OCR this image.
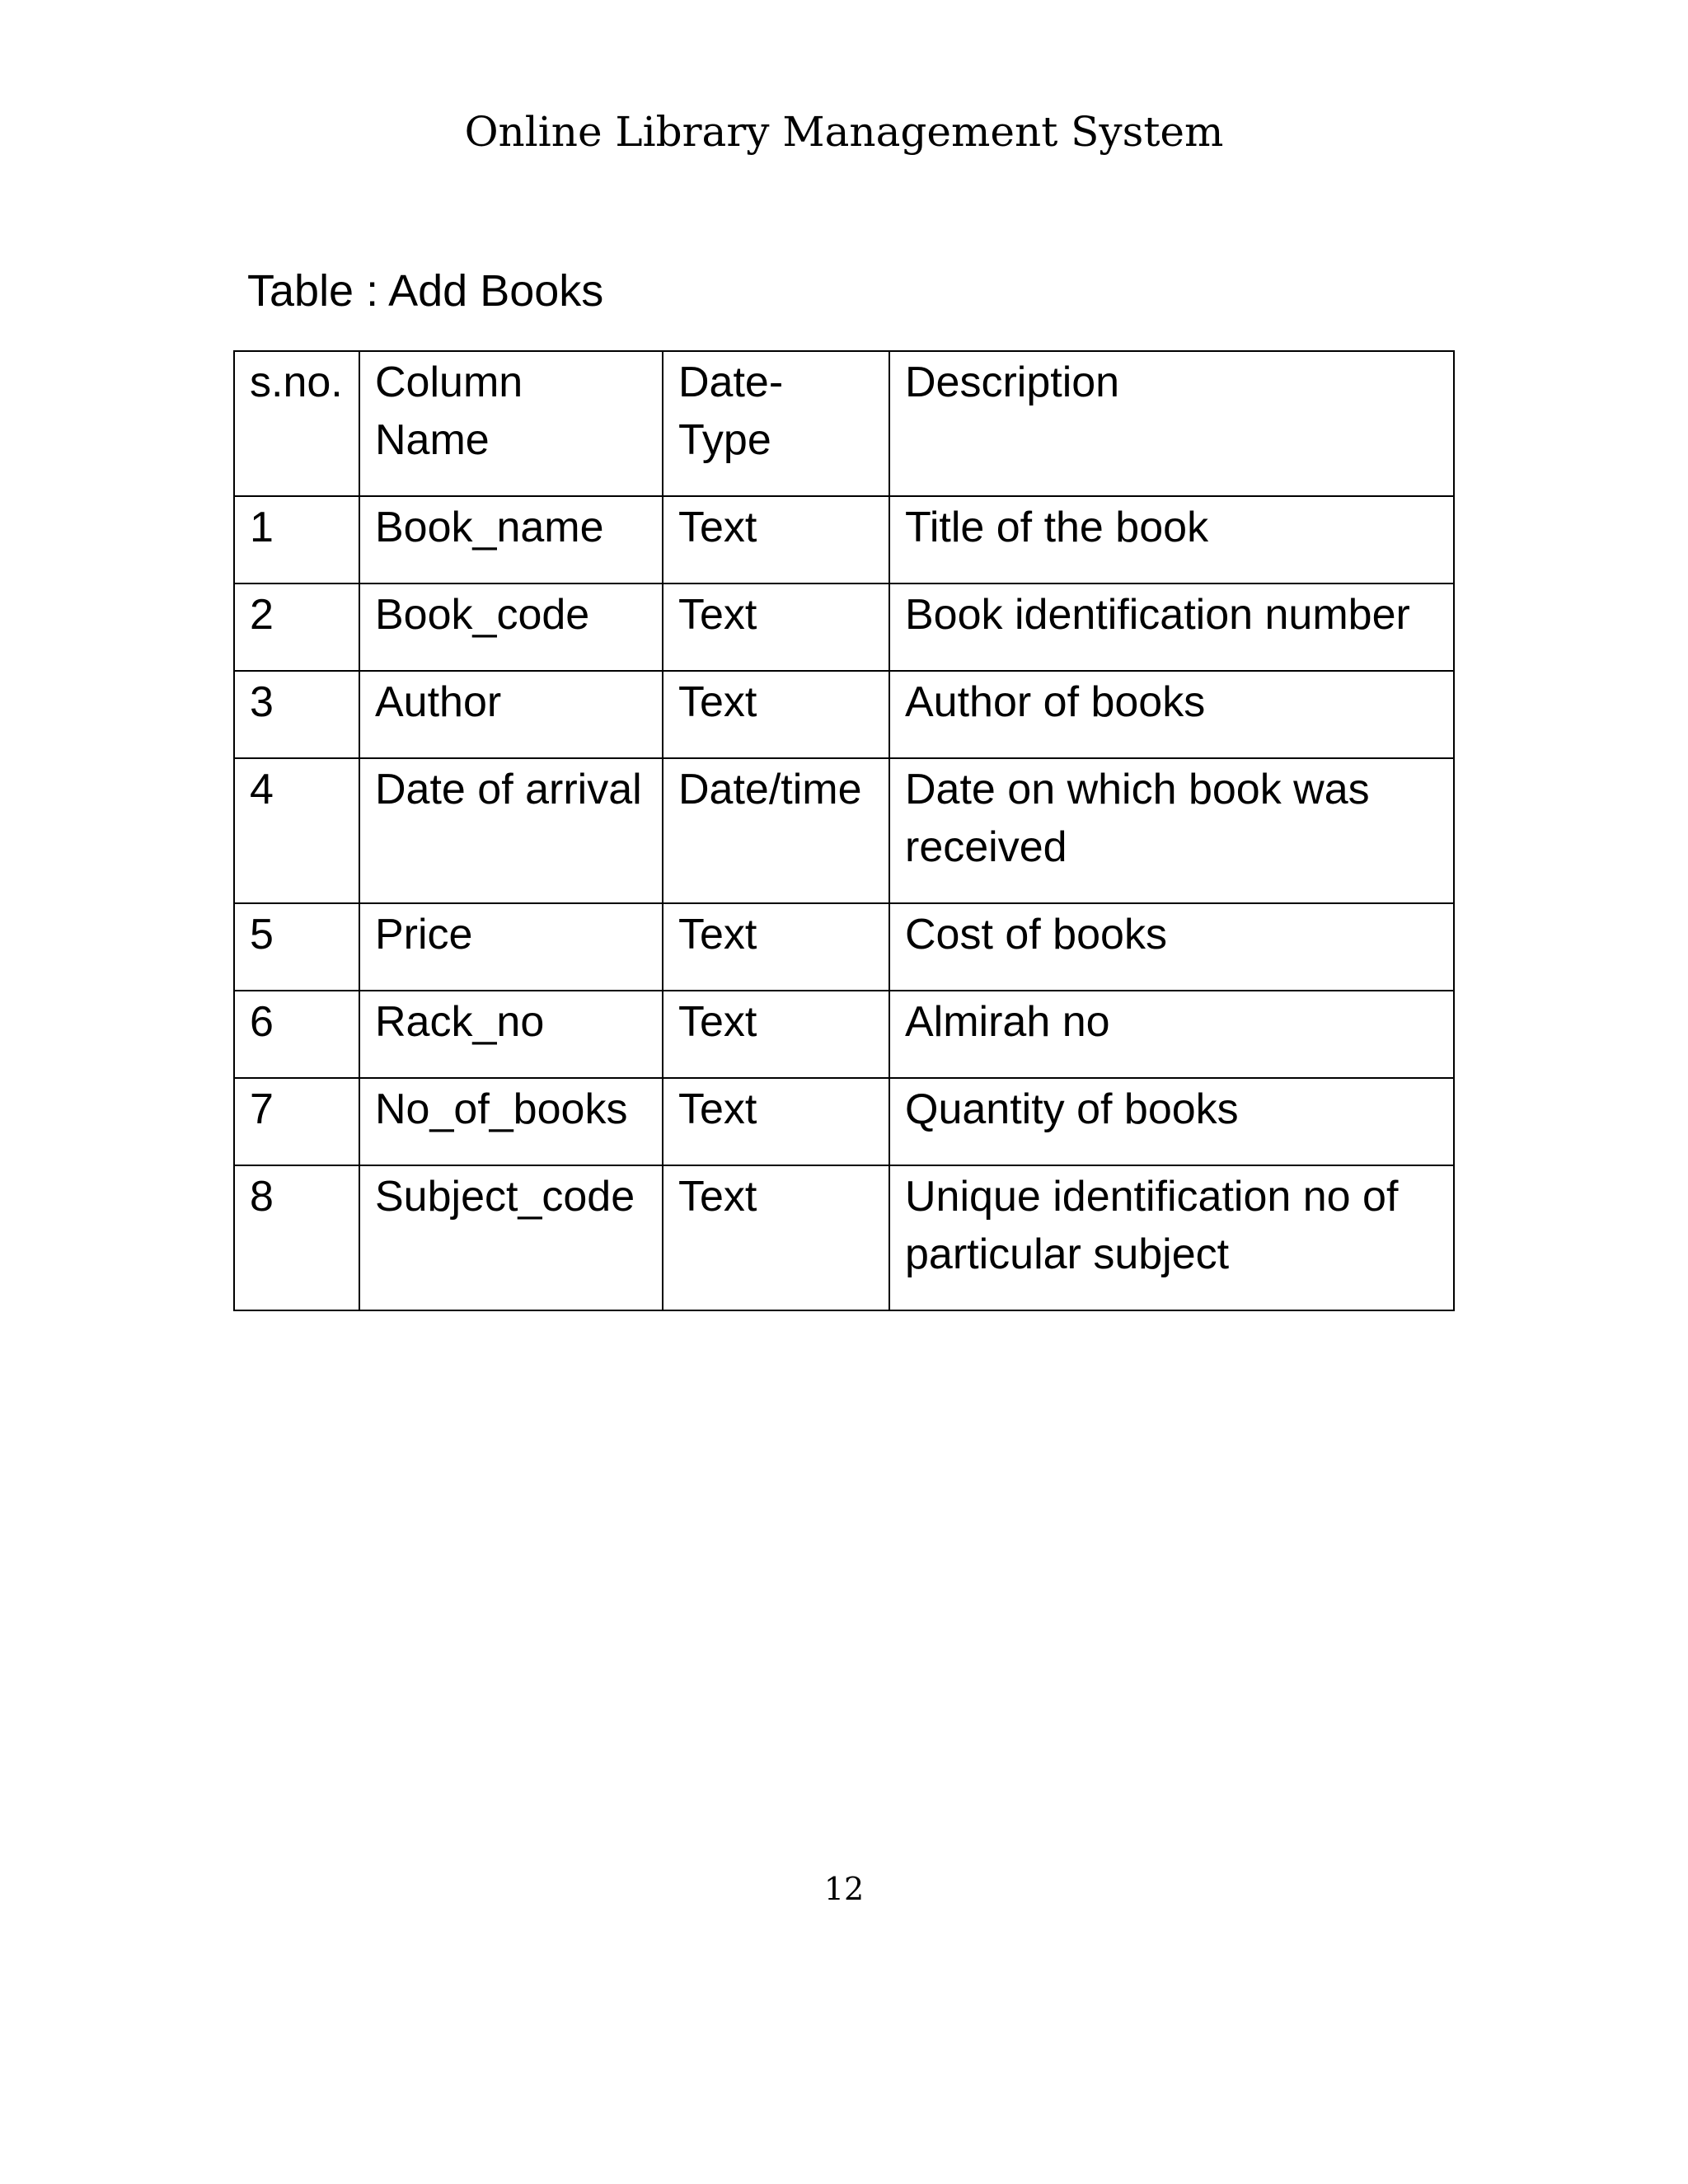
Online Library Management System

Table : Add Books

s.no.	Column Name	Date-Type	Description
1	Book_name	Text	Title of the book
2	Book_code	Text	Book identification number
3	Author	Text	Author of books
4	Date of arrival	Date/time	Date on which book was received
5	Price	Text	Cost of books
6	Rack_no	Text	Almirah no
7	No_of_books	Text	Quantity of books
8	Subject_code	Text	Unique identification no of particular subject

12
